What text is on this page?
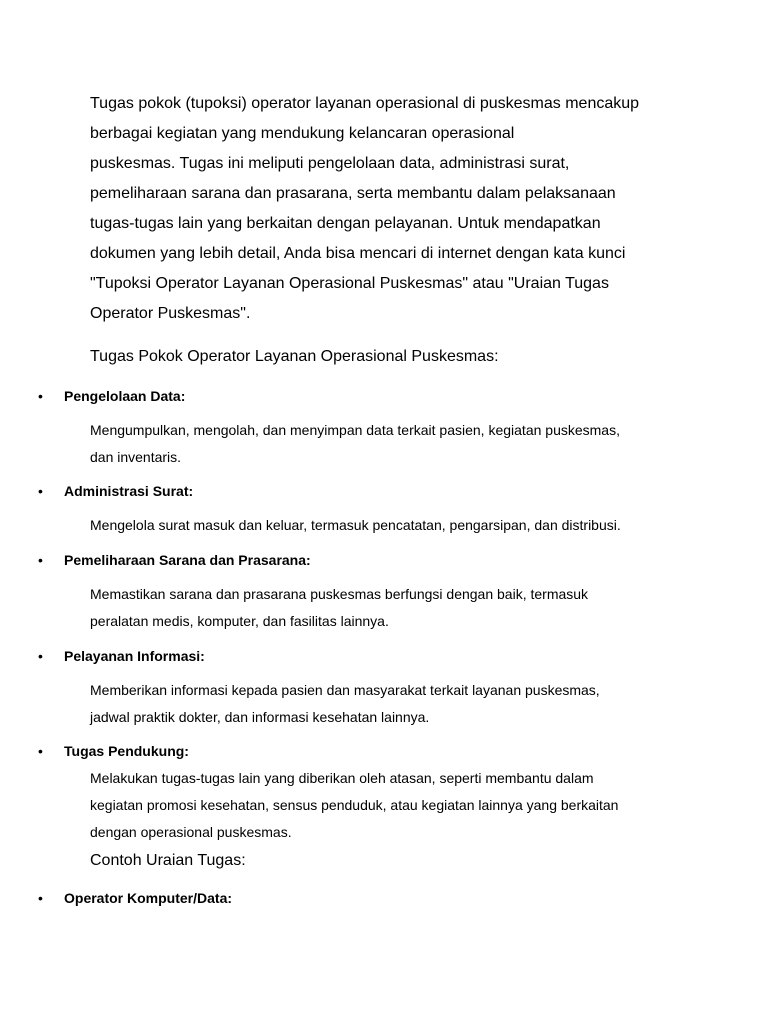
Tugas pokok (tupoksi) operator layanan operasional di puskesmas mencakup
berbagai kegiatan yang mendukung kelancaran operasional
puskesmas. Tugas ini meliputi pengelolaan data, administrasi surat,
pemeliharaan sarana dan prasarana, serta membantu dalam pelaksanaan
tugas-tugas lain yang berkaitan dengan pelayanan. Untuk mendapatkan
dokumen yang lebih detail, Anda bisa mencari di internet dengan kata kunci
"Tupoksi Operator Layanan Operasional Puskesmas" atau "Uraian Tugas
Operator Puskesmas".

Tugas Pokok Operator Layanan Operasional Puskesmas:

•	Pengelolaan Data:

Mengumpulkan, mengolah, dan menyimpan data terkait pasien, kegiatan puskesmas,
dan inventaris.

•	Administrasi Surat:

Mengelola surat masuk dan keluar, termasuk pencatatan, pengarsipan, dan distribusi.

•	Pemeliharaan Sarana dan Prasarana:

Memastikan sarana dan prasarana puskesmas berfungsi dengan baik, termasuk
peralatan medis, komputer, dan fasilitas lainnya.

•	Pelayanan Informasi:

Memberikan informasi kepada pasien dan masyarakat terkait layanan puskesmas,
jadwal praktik dokter, dan informasi kesehatan lainnya.

•	Tugas Pendukung:

Melakukan tugas-tugas lain yang diberikan oleh atasan, seperti membantu dalam
kegiatan promosi kesehatan, sensus penduduk, atau kegiatan lainnya yang berkaitan
dengan operasional puskesmas.

Contoh Uraian Tugas:

•	Operator Komputer/Data:
